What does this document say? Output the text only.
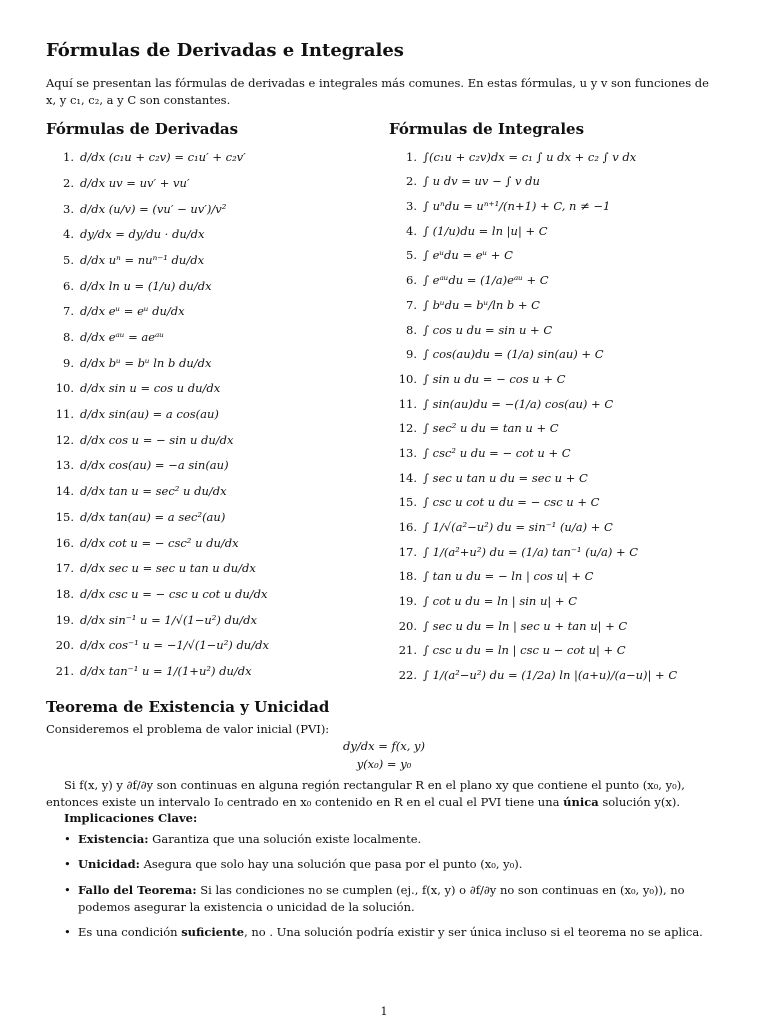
Fórmulas de Derivadas e Integrales

Aquí se presentan las fórmulas de derivadas e integrales más comunes. En estas fórmulas, u y v son funciones de x, y c₁, c₂, a y C son constantes.

Fórmulas de Derivadas
1. d/dx (c₁u + c₂v) = c₁u′ + c₂v′
2. d/dx uv = uv′ + vu′
3. d/dx (u/v) = (vu′ − uv′)/v²
4. dy/dx = dy/du · du/dx
5. d/dx uⁿ = nuⁿ⁻¹ du/dx
6. d/dx ln u = (1/u) du/dx
7. d/dx eᵘ = eᵘ du/dx
8. d/dx eᵃᵘ = aeᵃᵘ
9. d/dx bᵘ = bᵘ ln b du/dx
10. d/dx sin u = cos u du/dx
11. d/dx sin(au) = a cos(au)
12. d/dx cos u = − sin u du/dx
13. d/dx cos(au) = −a sin(au)
14. d/dx tan u = sec² u du/dx
15. d/dx tan(au) = a sec²(au)
16. d/dx cot u = − csc² u du/dx
17. d/dx sec u = sec u tan u du/dx
18. d/dx csc u = − csc u cot u du/dx
19. d/dx sin⁻¹ u = 1/√(1−u²) du/dx
20. d/dx cos⁻¹ u = −1/√(1−u²) du/dx
21. d/dx tan⁻¹ u = 1/(1+u²) du/dx
Fórmulas de Integrales
1. ∫(c₁u + c₂v)dx = c₁ ∫ u dx + c₂ ∫ v dx
2. ∫ u dv = uv − ∫ v du
3. ∫ uⁿdu = uⁿ⁺¹/(n+1) + C, n ≠ −1
4. ∫ (1/u)du = ln |u| + C
5. ∫ eᵘdu = eᵘ + C
6. ∫ eᵃᵘdu = (1/a)eᵃᵘ + C
7. ∫ bᵘdu = bᵘ/ln b + C
8. ∫ cos u du = sin u + C
9. ∫ cos(au)du = (1/a) sin(au) + C
10. ∫ sin u du = − cos u + C
11. ∫ sin(au)du = −(1/a) cos(au) + C
12. ∫ sec² u du = tan u + C
13. ∫ csc² u du = − cot u + C
14. ∫ sec u tan u du = sec u + C
15. ∫ csc u cot u du = − csc u + C
16. ∫ 1/√(a²−u²) du = sin⁻¹ (u/a) + C
17. ∫ 1/(a²+u²) du = (1/a) tan⁻¹ (u/a) + C
18. ∫ tan u du = − ln | cos u| + C
19. ∫ cot u du = ln | sin u| + C
20. ∫ sec u du = ln | sec u + tan u| + C
21. ∫ csc u du = ln | csc u − cot u| + C
22. ∫ 1/(a²−u²) du = (1/2a) ln |(a+u)/(a−u)| + C
Teorema de Existencia y Unicidad

Consideremos el problema de valor inicial (PVI):

dy/dx = f(x, y)
y(x₀) = y₀

Si f(x, y) y ∂f/∂y son continuas en alguna región rectangular R en el plano xy que contiene el punto (x₀, y₀), entonces existe un intervalo I₀ centrado en x₀ contenido en R en el cual el PVI tiene una única solución y(x).

Implicaciones Clave:

• Existencia: Garantiza que una solución existe localmente.
• Unicidad: Asegura que solo hay una solución que pasa por el punto (x₀, y₀).
• Fallo del Teorema: Si las condiciones no se cumplen (ej., f(x, y) o ∂f/∂y no son continuas en (x₀, y₀)), no podemos asegurar la existencia o unicidad de la solución.
• Es una condición suficiente, no . Una solución podría existir y ser única incluso si el teorema no se aplica.
1
